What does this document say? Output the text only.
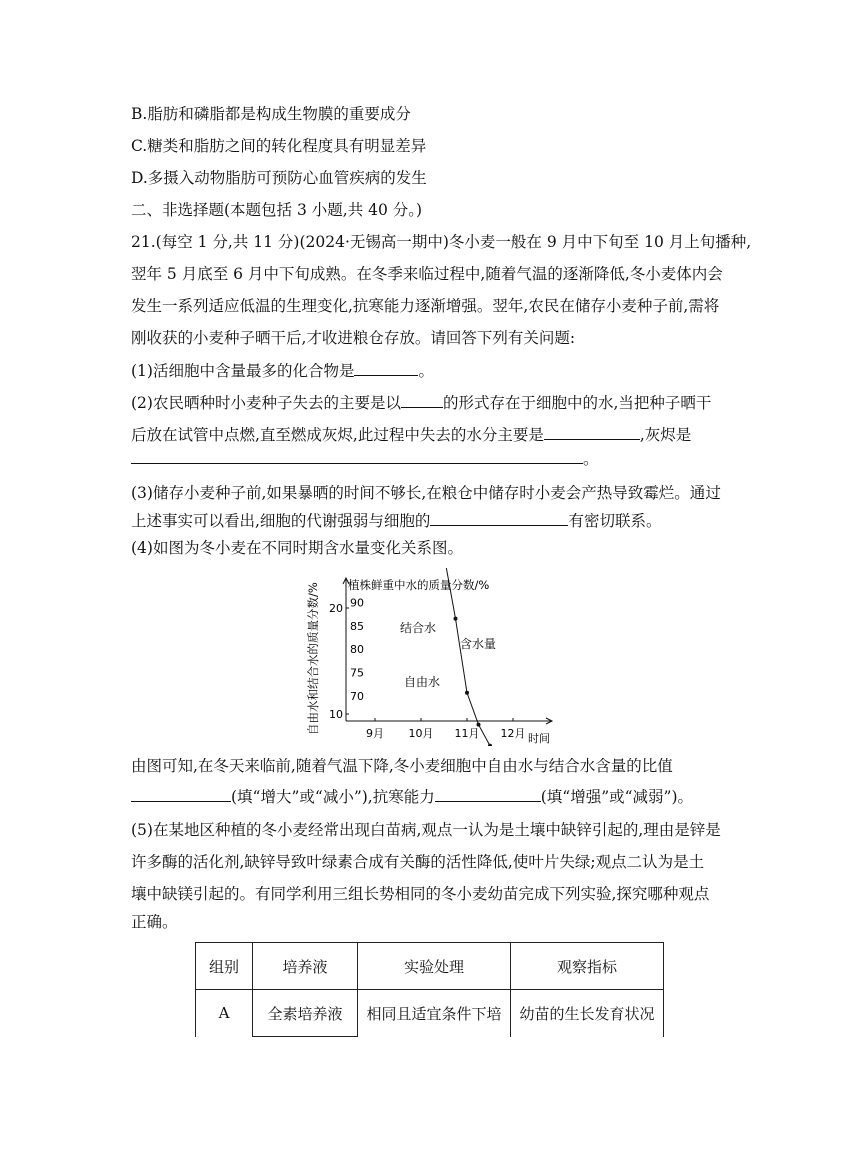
B.脂肪和磷脂都是构成生物膜的重要成分
C.糖类和脂肪之间的转化程度具有明显差异
D.多摄入动物脂肪可预防心血管疾病的发生
二、非选择题(本题包括 3 小题,共 40 分。)
21.(每空 1 分,共 11 分)(2024·无锡高一期中)冬小麦一般在 9 月中下旬至 10 月上旬播种,
翌年 5 月底至 6 月中下旬成熟。在冬季来临过程中,随着气温的逐渐降低,冬小麦体内会
发生一系列适应低温的生理变化,抗寒能力逐渐增强。翌年,农民在储存小麦种子前,需将
刚收获的小麦种子晒干后,才收进粮仓存放。请回答下列有关问题:
(1)活细胞中含量最多的化合物是	。
(2)农民晒种时小麦种子失去的主要是以	的形式存在于细胞中的水,当把种子晒干
后放在试管中点燃,直至燃成灰烬,此过程中失去的水分主要是	,灰烬是
。
(3)储存小麦种子前,如果暴晒的时间不够长,在粮仓中储存时小麦会产热导致霉烂。通过
上述事实可以看出,细胞的代谢强弱与细胞的	有密切联系。
(4)如图为冬小麦在不同时期含水量变化关系图。
10
20
70
75
80
85
90
9月 10月 11月 12月
含水量
结合水
自由水
植株鲜重中水的质量分数/%
自由水和结合水的质量分数/%
时间
由图可知,在冬天来临前,随着气温下降,冬小麦细胞中自由水与结合水含量的比值
(填“增大”或“减小”),抗寒能力	(填“增强”或“减弱”)。
(5)在某地区种植的冬小麦经常出现白苗病,观点一认为是土壤中缺锌引起的,理由是锌是
许多酶的活化剂,缺锌导致叶绿素合成有关酶的活性降低,使叶片失绿;观点二认为是土
壤中缺镁引起的。有同学利用三组长势相同的冬小麦幼苗完成下列实验,探究哪种观点
正确。
组别	培养液	实验处理	观察指标
A	全素培养液	相同且适宜条件下培	幼苗的生长发育状况
